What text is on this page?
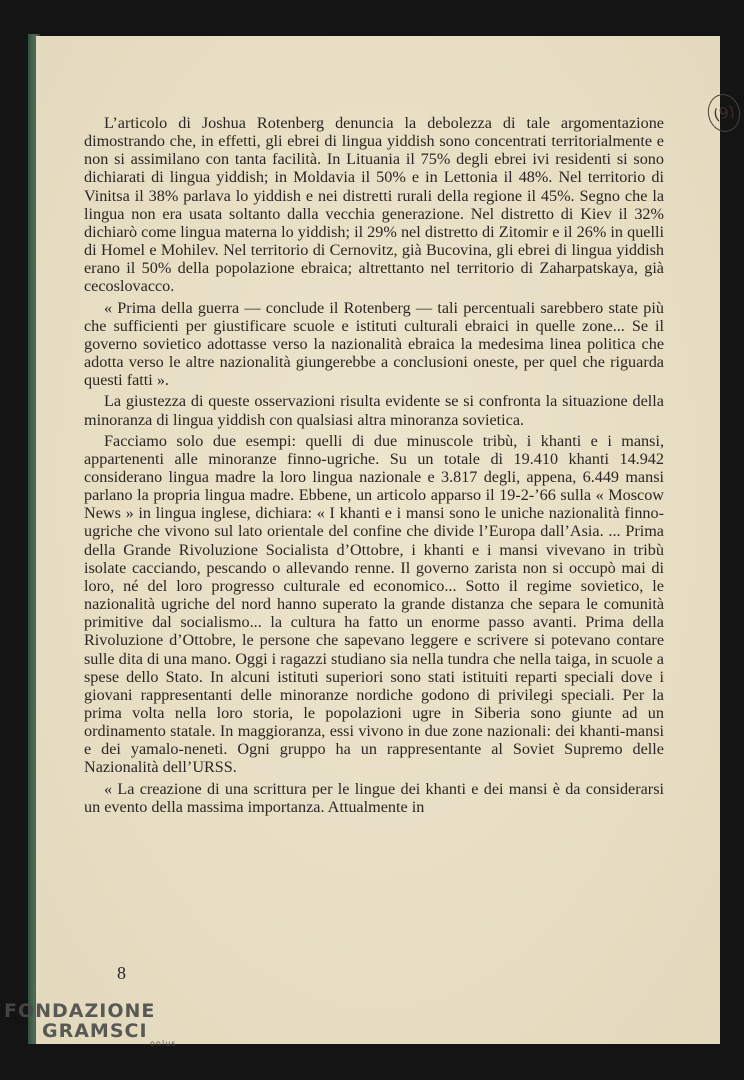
(9)

L’articolo di Joshua Rotenberg denuncia la debolezza di tale argomentazione dimostrando che, in effetti, gli ebrei di lingua yiddish sono concentrati territorialmente e non si assimilano con tanta facilità. In Lituania il 75% degli ebrei ivi residenti si sono dichiarati di lingua yiddish; in Moldavia il 50% e in Lettonia il 48%. Nel territorio di Vinitsa il 38% parlava lo yiddish e nei distretti rurali della regione il 45%. Segno che la lingua non era usata soltanto dalla vecchia generazione. Nel distretto di Kiev il 32% dichiarò come lingua materna lo yiddish; il 29% nel distretto di Zitomir e il 26% in quelli di Homel e Mohilev. Nel territorio di Cernovitz, già Bucovina, gli ebrei di lingua yiddish erano il 50% della popolazione ebraica; altrettanto nel territorio di Zaharpatskaya, già cecoslovacco.

« Prima della guerra — conclude il Rotenberg — tali percentuali sarebbero state più che sufficienti per giustificare scuole e istituti culturali ebraici in quelle zone... Se il governo sovietico adottasse verso la nazionalità ebraica la medesima linea politica che adotta verso le altre nazionalità giungerebbe a conclusioni oneste, per quel che riguarda questi fatti ».

La giustezza di queste osservazioni risulta evidente se si confronta la situazione della minoranza di lingua yiddish con qualsiasi altra minoranza sovietica.

Facciamo solo due esempi: quelli di due minuscole tribù, i khanti e i mansi, appartenenti alle minoranze finno-ugriche. Su un totale di 19.410 khanti 14.942 considerano lingua madre la loro lingua nazionale e 3.817 degli, appena, 6.449 mansi parlano la propria lingua madre. Ebbene, un articolo apparso il 19-2-’66 sulla « Moscow News » in lingua inglese, dichiara: « I khanti e i mansi sono le uniche nazionalità finno-ugriche che vivono sul lato orientale del confine che divide l’Europa dall’Asia. ... Prima della Grande Rivoluzione Socialista d’Ottobre, i khanti e i mansi vivevano in tribù isolate cacciando, pescando o allevando renne. Il governo zarista non si occupò mai di loro, né del loro progresso culturale ed economico... Sotto il regime sovietico, le nazionalità ugriche del nord hanno superato la grande distanza che separa le comunità primitive dal socialismo... la cultura ha fatto un enorme passo avanti. Prima della Rivoluzione d’Ottobre, le persone che sapevano leggere e scrivere si potevano contare sulle dita di una mano. Oggi i ragazzi studiano sia nella tundra che nella taiga, in scuole a spese dello Stato. In alcuni istituti superiori sono stati istituiti reparti speciali dove i giovani rappresentanti delle minoranze nordiche godono di privilegi speciali. Per la prima volta nella loro storia, le popolazioni ugre in Siberia sono giunte ad un ordinamento statale. In maggioranza, essi vivono in due zone nazionali: dei khanti-mansi e dei yamalo-neneti. Ogni gruppo ha un rappresentante al Soviet Supremo delle Nazionalità dell’URSS.

« La creazione di una scrittura per le lingue dei khanti e dei mansi è da considerarsi un evento della massima importanza. Attualmente in

8
FONDAZIONE
GRAMSCI
onlus
